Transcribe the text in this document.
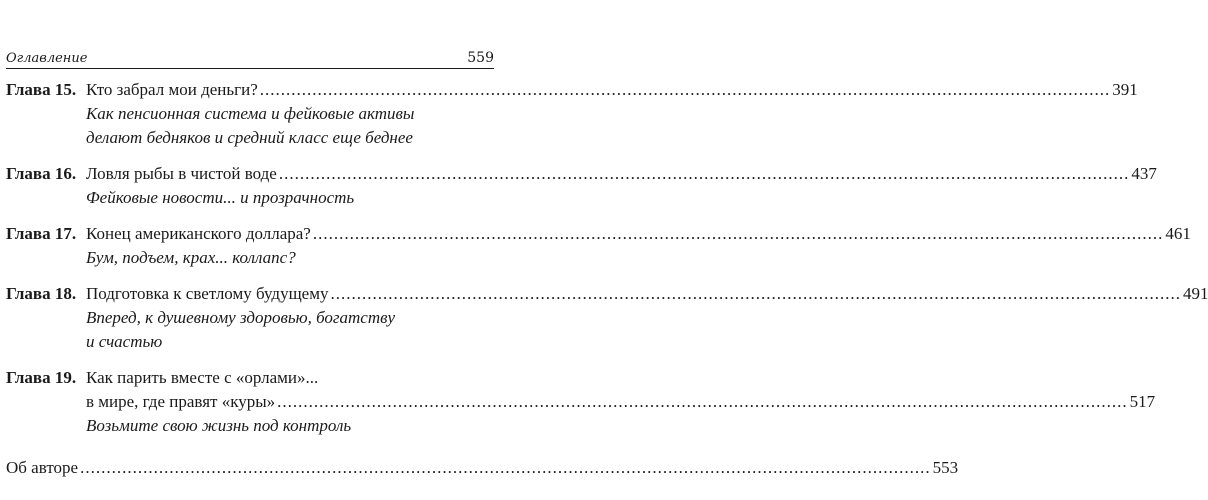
Оглавление	559
Глава 15. Кто забрал мои деньги? .....	391
Как пенсионная система и фейковые активы
делают бедняков и средний класс еще беднее
Глава 16. Ловля рыбы в чистой воде .....	437
Фейковые новости... и прозрачность
Глава 17. Конец американского доллара? .....	461
Бум, подъем, крах... коллапс?
Глава 18. Подготовка к светлому будущему .....	491
Вперед, к душевному здоровью, богатству
и счастью
Глава 19. Как парить вместе с «орлами»...
в мире, где правят «куры» .....	517
Возьмите свою жизнь под контроль
Об авторе .....	553
